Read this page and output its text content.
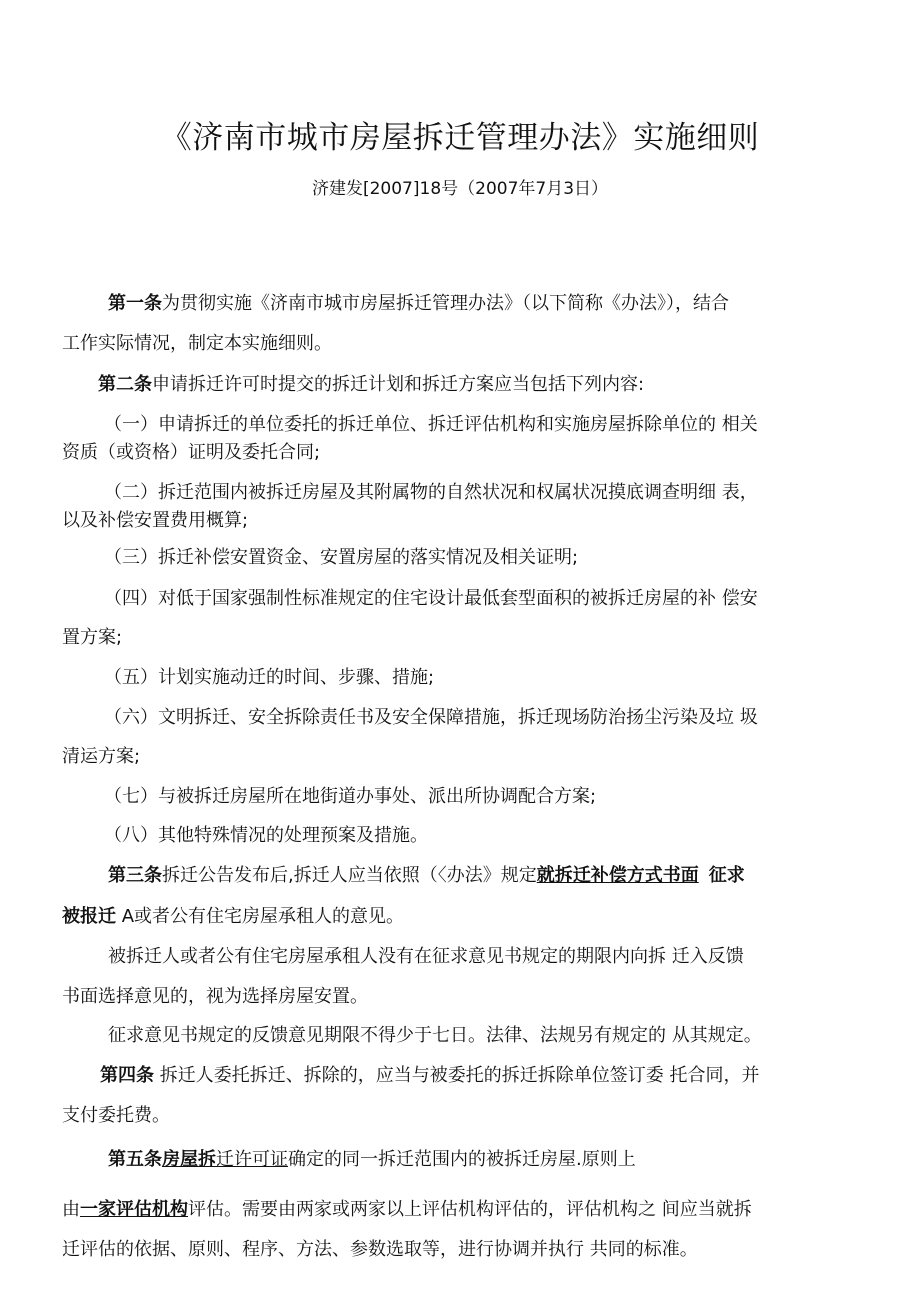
《济南市城市房屋拆迁管理办法》实施细则
济建发[2007]18号（2007年7月3日）
第一条为贯彻实施《济南市城市房屋拆迁管理办法》（以下简称《办法》），结合
工作实际情况，制定本实施细则。
第二条申请拆迁许可时提交的拆迁计划和拆迁方案应当包括下列内容:
（一）申请拆迁的单位委托的拆迁单位、拆迁评估机构和实施房屋拆除单位的 相关
资质（或资格）证明及委托合同;
（二）拆迁范围内被拆迁房屋及其附属物的自然状况和权属状况摸底调查明细 表，
以及补偿安置费用概算;
（三）拆迁补偿安置资金、安置房屋的落实情况及相关证明;
（四）对低于国家强制性标准规定的住宅设计最低套型面积的被拆迁房屋的补 偿安
置方案;
（五）计划实施动迁的时间、步骤、措施;
（六）文明拆迁、安全拆除责任书及安全保障措施，拆迁现场防治扬尘污染及垃 圾
清运方案;
（七）与被拆迁房屋所在地街道办事处、派出所协调配合方案;
（八）其他特殊情况的处理预案及措施。
第三条拆迁公告发布后,拆迁人应当依照（〈办法》规定就拆迁补偿方式书面 征求
被报迁 A或者公有住宅房屋承租人的意见。
被拆迁人或者公有住宅房屋承租人没有在征求意见书规定的期限内向拆 迁入反馈
书面选择意见的，视为选择房屋安置。
征求意见书规定的反馈意见期限不得少于七日。法律、法规另有规定的 从其规定。
第四条 拆迁人委托拆迁、拆除的，应当与被委托的拆迁拆除单位签订委 托合同，并
支付委托费。
第五条房屋拆迁许可证确定的同一拆迁范围内的被拆迁房屋.原则上
由一家评估机构评估。需要由两家或两家以上评估机构评估的，评估机构之 间应当就拆
迁评估的依据、原则、程序、方法、参数选取等，进行协调并执行 共同的标准。
